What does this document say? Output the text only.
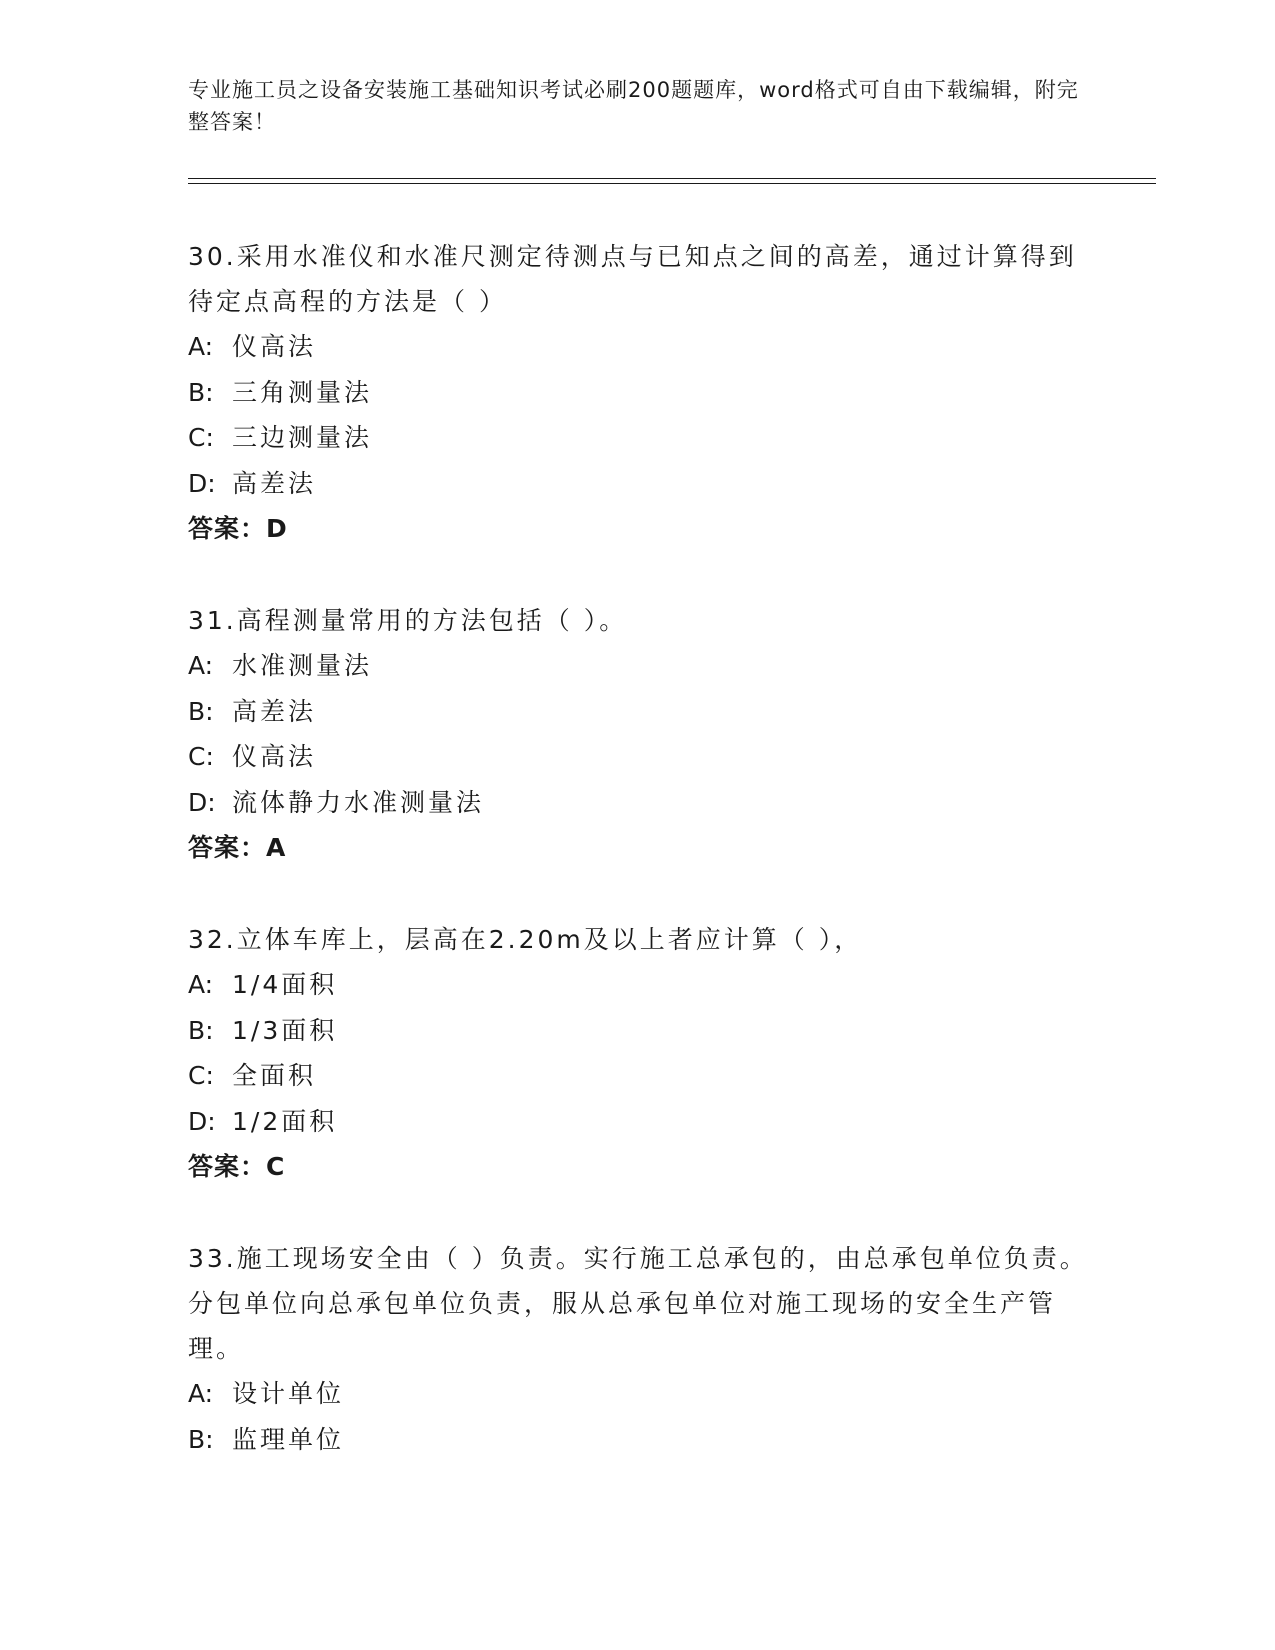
专业施工员之设备安装施工基础知识考试必刷200题题库，word格式可自由下载编辑，附完整答案！

30.采用水准仪和水准尺测定待测点与已知点之间的高差，通过计算得到待定点高程的方法是（ ）

A: 仪高法

B: 三角测量法

C: 三边测量法

D: 高差法

答案：D

31.高程测量常用的方法包括（ ）。

A: 水准测量法

B: 高差法

C: 仪高法

D: 流体静力水准测量法

答案：A

32.立体车库上，层高在2.20m及以上者应计算（ ），

A: 1/4面积

B: 1/3面积

C: 全面积

D: 1/2面积

答案：C

33.施工现场安全由（ ）负责。实行施工总承包的，由总承包单位负责。分包单位向总承包单位负责，服从总承包单位对施工现场的安全生产管理。

A: 设计单位

B: 监理单位
